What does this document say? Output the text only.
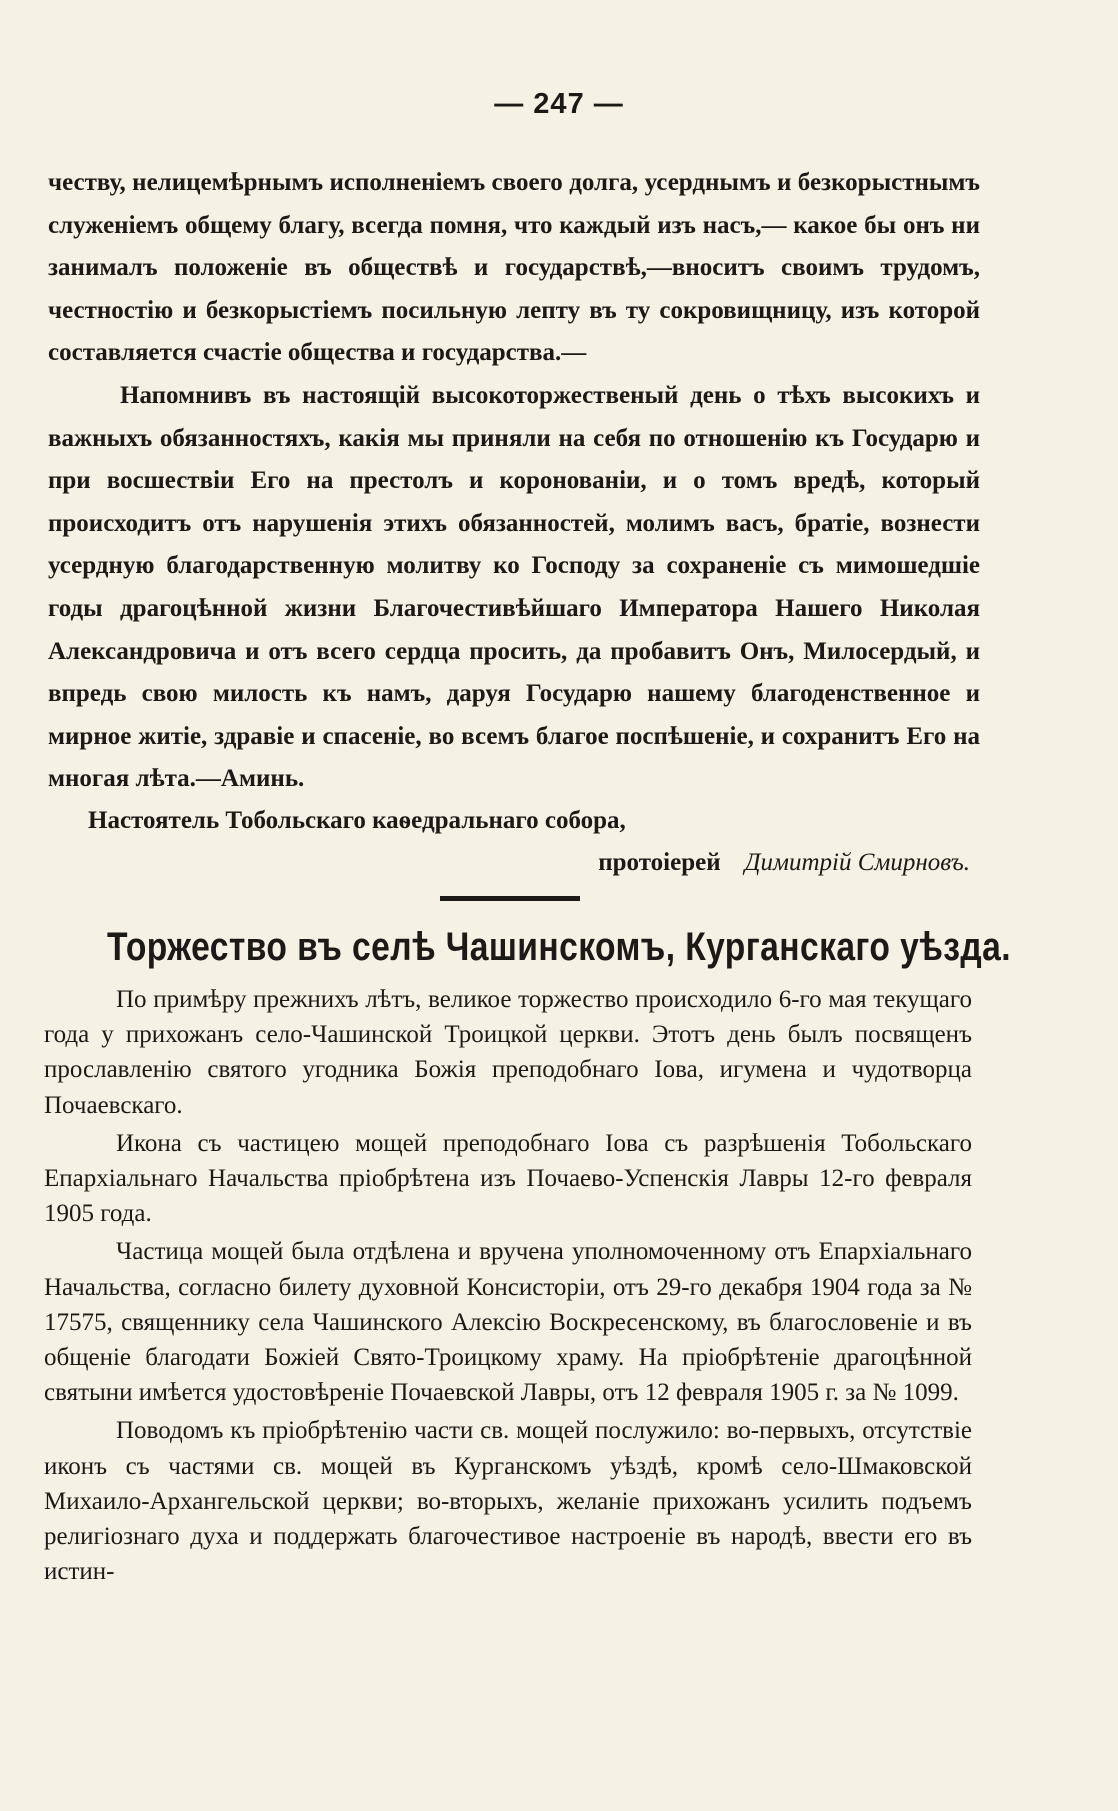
— 247 —

честву, нелицемѣрнымъ исполненіемъ своего долга, усерднымъ и безкорыстнымъ служеніемъ общему благу, всегда помня, что каждый изъ насъ,— какое бы онъ ни занималъ положеніе въ обществѣ и государствѣ,—вноситъ своимъ трудомъ, честностію и безкорыстіемъ посильную лепту въ ту сокровищницу, изъ которой составляется счастіе общества и государства.—

Напомнивъ въ настоящій высокоторжественый день о тѣхъ высокихъ и важныхъ обязанностяхъ, какія мы приняли на себя по отношенію къ Государю и при восшествіи Его на престолъ и коронованіи, и о томъ вредѣ, который происходитъ отъ нарушенія этихъ обязанностей, молимъ васъ, братіе, вознести усердную благодарственную молитву ко Господу за сохраненіе съ мимошедшіе годы драгоцѣнной жизни Благочестивѣйшаго Императора Нашего Николая Александровича и отъ всего сердца просить, да пробавитъ Онъ, Милосердый, и впредь свою милость къ намъ, даруя Государю нашему благоденственное и мирное житіе, здравіе и спасеніе, во всемъ благое поспѣшеніе, и сохранитъ Его на многая лѣта.—Аминь.

Настоятель Тобольскаго каѳедральнаго собора,
протоіерей Димитрій Смирновъ.
Торжество въ селѣ Чашинскомъ, Курганскаго уѣзда.

По примѣру прежнихъ лѣтъ, великое торжество происходило 6-го мая текущаго года у прихожанъ село-Чашинской Троицкой церкви. Этотъ день былъ посвященъ прославленію святого угодника Божія преподобнаго Іова, игумена и чудотворца Почаевскаго.

Икона съ частицею мощей преподобнаго Іова съ разрѣшенія Тобольскаго Епархіальнаго Начальства пріобрѣтена изъ Почаево-Успенскія Лавры 12-го февраля 1905 года.

Частица мощей была отдѣлена и вручена уполномоченному отъ Епархіальнаго Начальства, согласно билету духовной Консисторіи, отъ 29-го декабря 1904 года за № 17575, священнику села Чашинского Алексію Воскресенскому, въ благословеніе и въ общеніе благодати Божіей Свято-Троицкому храму. На пріобрѣтеніе драгоцѣнной святыни имѣется удостовѣреніе Почаевской Лавры, отъ 12 февраля 1905 г. за № 1099.

Поводомъ къ пріобрѣтенію части св. мощей послужило: во-первыхъ, отсутствіе иконъ съ частями св. мощей въ Курганскомъ уѣздѣ, кромѣ село-Шмаковской Михаило-Архангельской церкви; во-вторыхъ, желаніе прихожанъ усилить подъемъ религіознаго духа и поддержать благочестивое настроеніе въ народѣ, ввести его въ истин-
